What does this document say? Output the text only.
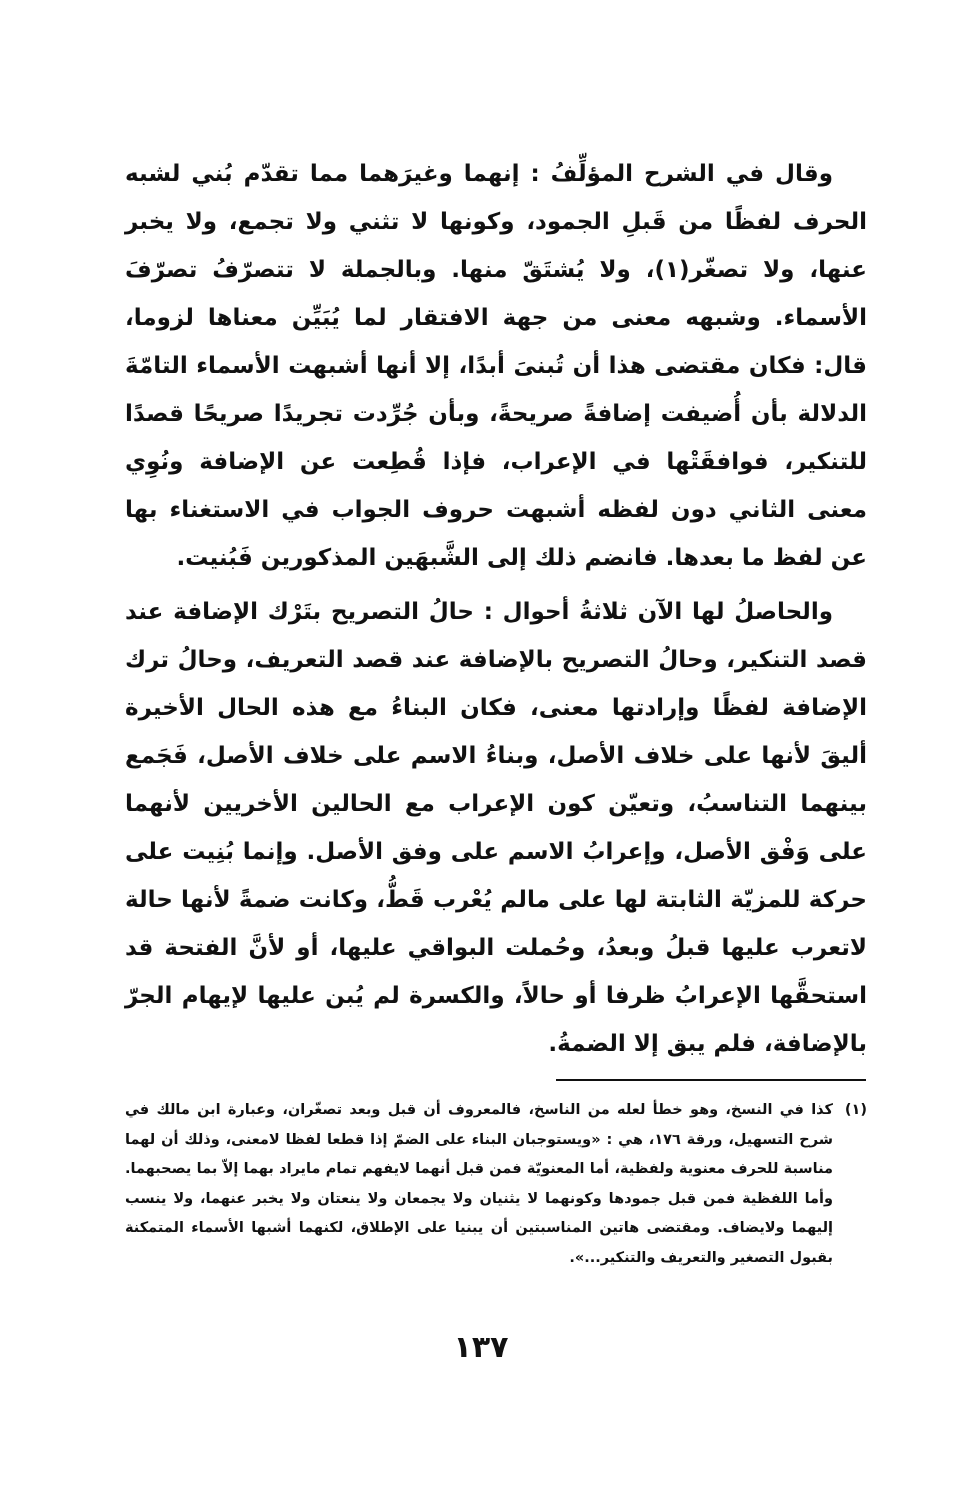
وقال في الشرح المؤلِّفُ : إنهما وغيرَهما مما تقدّم بُني لشبه الحرف لفظًا من قَبلِ الجمود، وكونها لا تثني ولا تجمع، ولا يخبر عنها، ولا تصغّر(١)، ولا يُشتَقّ منها. وبالجملة لا تتصرّفُ تصرّفَ الأسماء. وشبهه معنى من جهة الافتقار لما يُبَيِّن معناها لزوما، قال: فكان مقتضى هذا أن تُبنىَ أبدًا، إلا أنها أشبهت الأسماء التامّةَ الدلالة بأن أُضيفت إضافةً صريحةً، وبأن جُرِّدت تجريدًا صريحًا قصدًا للتنكير، فوافقَتْها في الإعراب، فإذا قُطِعت عن الإضافة ونُوِي معنى الثاني دون لفظه أشبهت حروف الجواب في الاستغناء بها عن لفظ ما بعدها. فانضم ذلك إلى الشَّبهَين المذكورين فَبُنيت.

والحاصلُ لها الآن ثلاثةُ أحوال : حالُ التصريح بتَرْك الإضافة عند قصد التنكير، وحالُ التصريح بالإضافة عند قصد التعريف، وحالُ ترك الإضافة لفظًا وإرادتها معنى، فكان البناءُ مع هذه الحال الأخيرة أليقَ لأنها على خلاف الأصل، وبناءُ الاسم على خلاف الأصل، فَجَمع بينهما التناسبُ، وتعيّن كون الإعراب مع الحالين الأخريين لأنهما على وَفْق الأصل، وإعرابُ الاسم على وفق الأصل. وإنما بُنِيت على حركة للمزيّة الثابتة لها على مالم يُعْرب قَطُّ، وكانت ضمةً لأنها حالة لاتعرب عليها قبلُ وبعدُ، وحُملت البواقي عليها، أو لأنَّ الفتحة قد استحقَّها الإعرابُ ظرفا أو حالاً، والكسرة لم يُبن عليها لإيهام الجرّ بالإضافة، فلم يبق إلا الضمةُ.

(١)
كذا في النسخ، وهو خطأ لعله من الناسخ، فالمعروف أن قبل وبعد تصغّران، وعبارة ابن مالك في شرح التسهيل، ورقة ١٧٦، هي : «ويستوجبان البناء على الضمّ إذا قطعا لفظا لامعنى، وذلك أن لهما مناسبة للحرف معنوية ولفظية، أما المعنويّة فمن قبل أنهما لايفهم تمام مايراد بهما إلاّ بما يصحبهما. وأما اللفظية فمن قبل جمودها وكونهما لا يثنيان ولا يجمعان ولا ينعتان ولا يخبر عنهما، ولا ينسب إليهما ولايضاف. ومقتضى هاتين المناسبتين أن يبنيا على الإطلاق، لكنهما أشبها الأسماء المتمكنة بقبول التصغير والتعريف والتنكير...».
١٣٧
